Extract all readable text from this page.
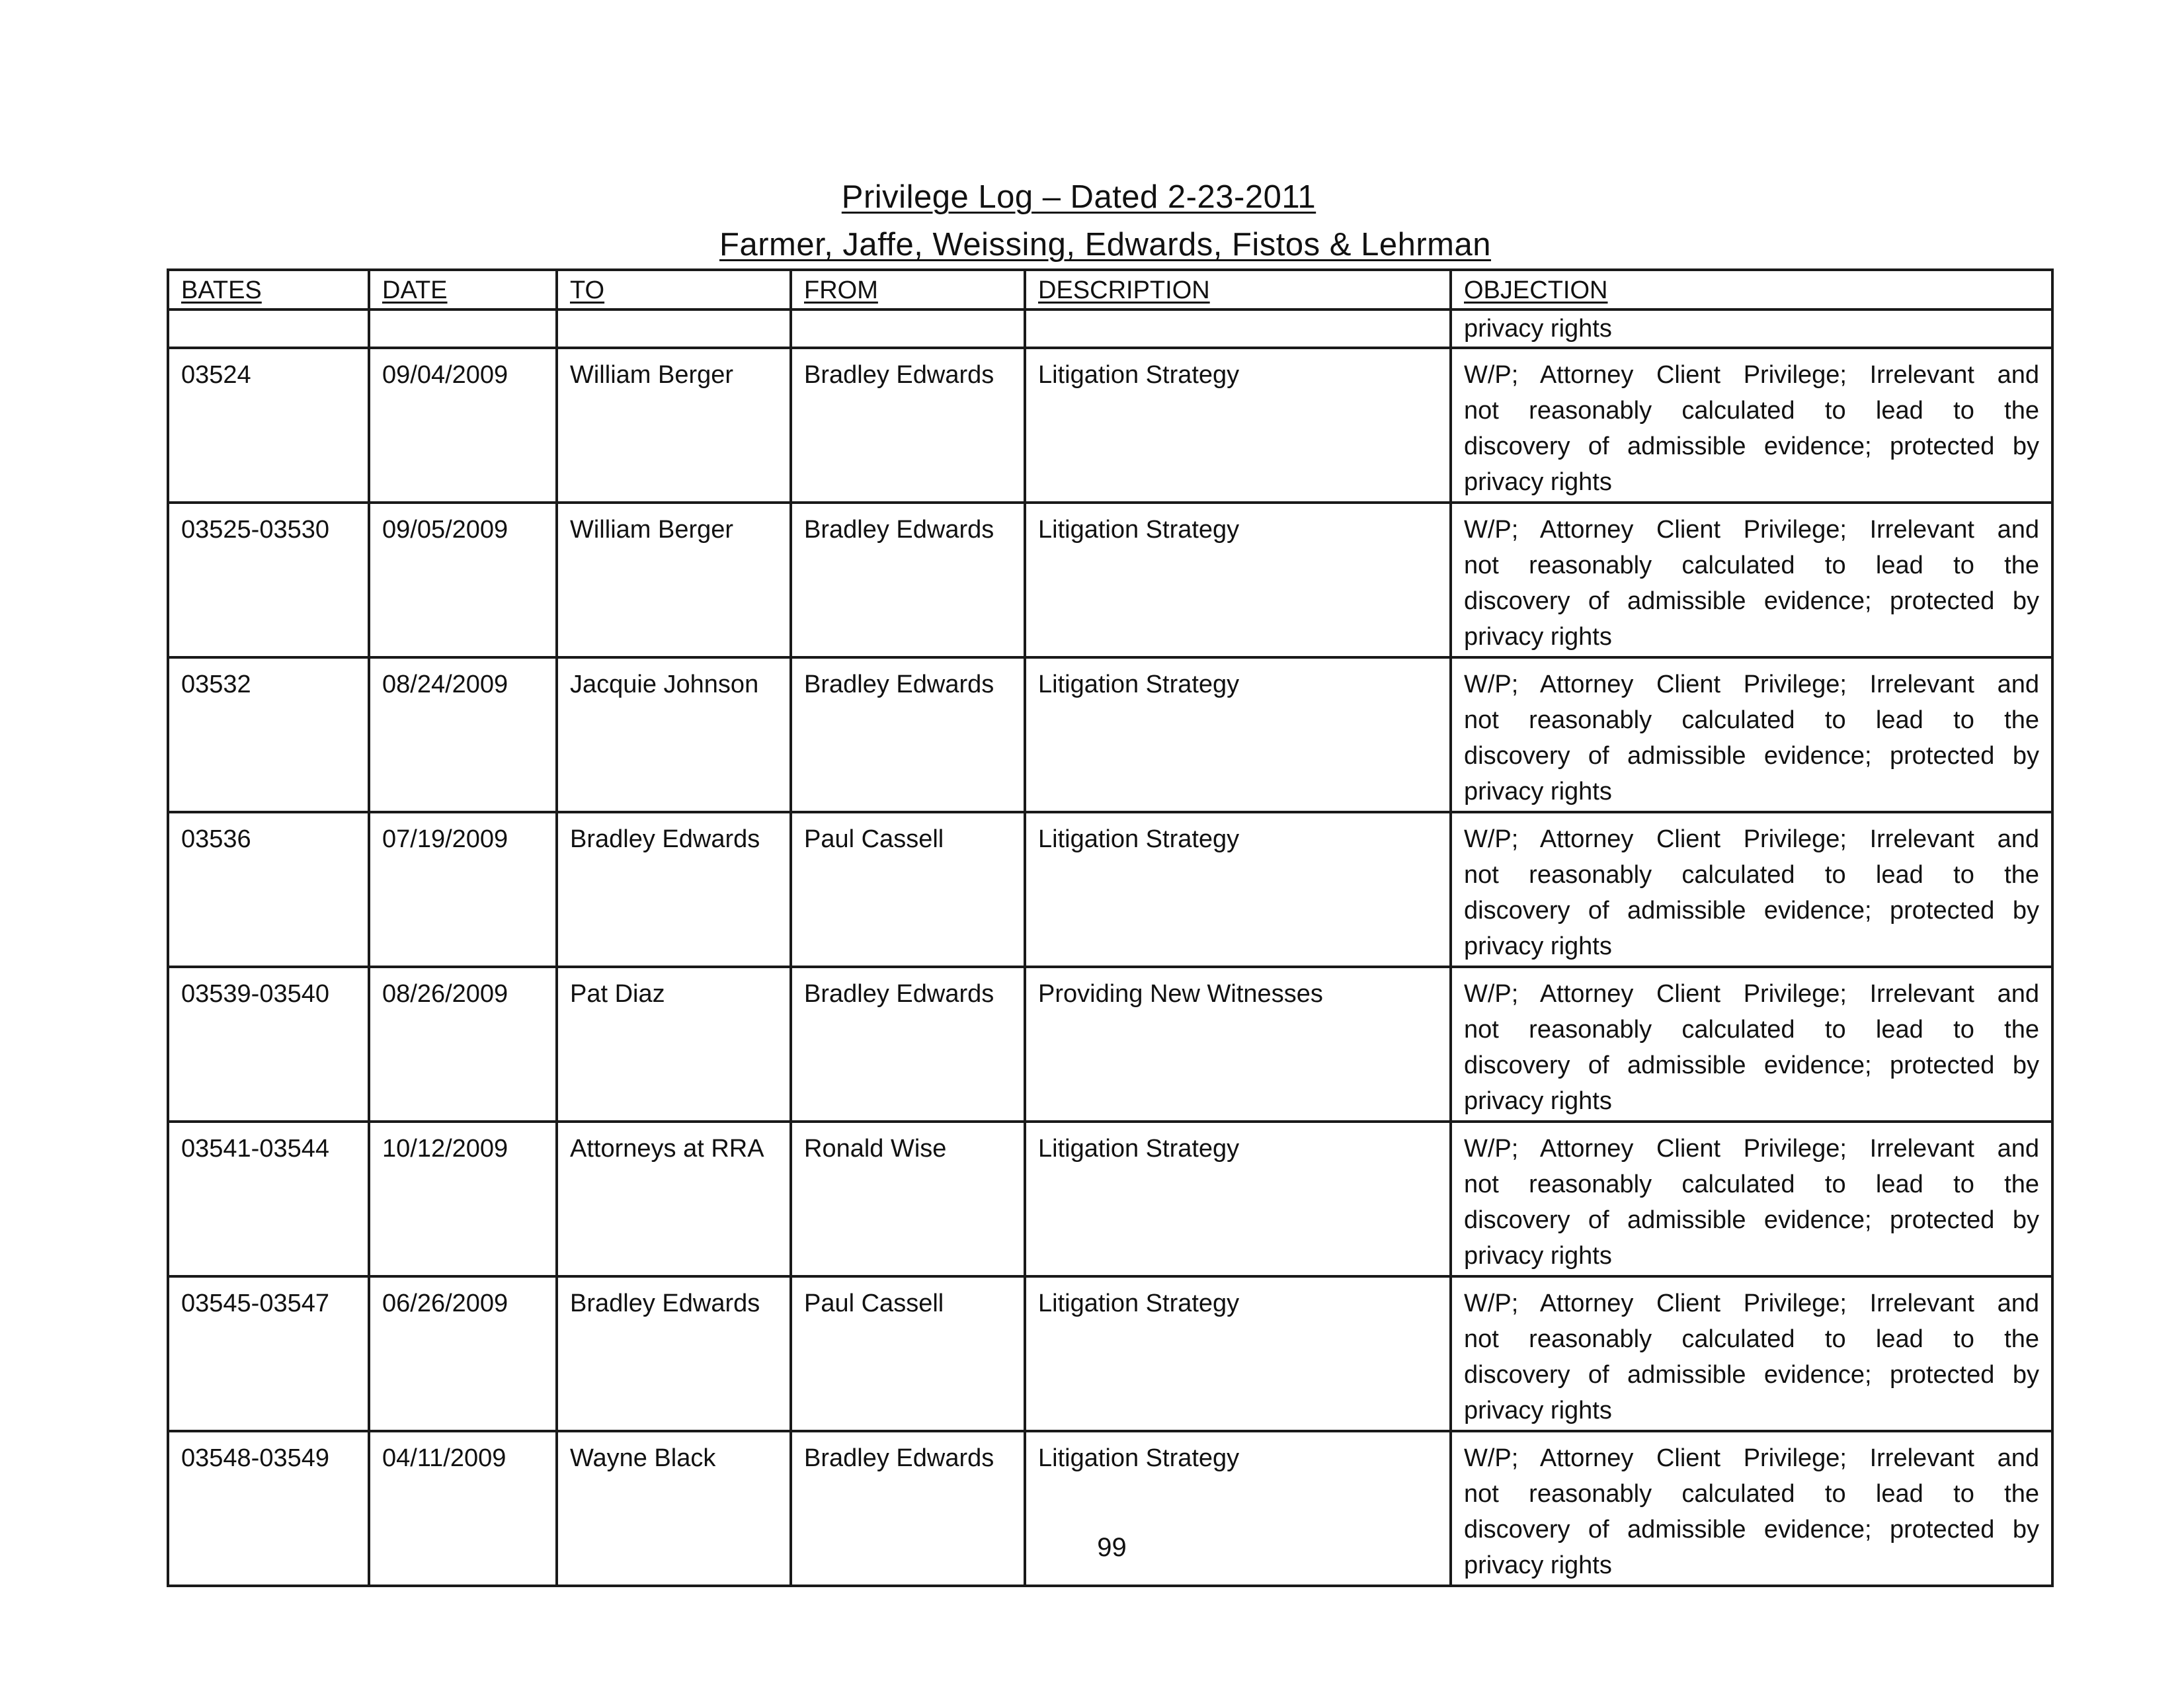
Privilege Log – Dated 2-23-2011
Farmer, Jaffe, Weissing, Edwards, Fistos & Lehrman
BATES	DATE	TO	FROM	DESCRIPTION	OBJECTION
					privacy rights
03524	09/04/2009	William Berger	Bradley Edwards	Litigation Strategy	W/P; Attorney Client Privilege; Irrelevant and
not reasonably calculated to lead to the
discovery of admissible evidence; protected by
privacy rights

03525-03530	09/05/2009	William Berger	Bradley Edwards	Litigation Strategy	W/P; Attorney Client Privilege; Irrelevant and
not reasonably calculated to lead to the
discovery of admissible evidence; protected by
privacy rights

03532	08/24/2009	Jacquie Johnson	Bradley Edwards	Litigation Strategy	W/P; Attorney Client Privilege; Irrelevant and
not reasonably calculated to lead to the
discovery of admissible evidence; protected by
privacy rights

03536	07/19/2009	Bradley Edwards	Paul Cassell	Litigation Strategy	W/P; Attorney Client Privilege; Irrelevant and
not reasonably calculated to lead to the
discovery of admissible evidence; protected by
privacy rights

03539-03540	08/26/2009	Pat Diaz	Bradley Edwards	Providing New Witnesses	W/P; Attorney Client Privilege; Irrelevant and
not reasonably calculated to lead to the
discovery of admissible evidence; protected by
privacy rights

03541-03544	10/12/2009	Attorneys at RRA	Ronald Wise	Litigation Strategy	W/P; Attorney Client Privilege; Irrelevant and
not reasonably calculated to lead to the
discovery of admissible evidence; protected by
privacy rights

03545-03547	06/26/2009	Bradley Edwards	Paul Cassell	Litigation Strategy	W/P; Attorney Client Privilege; Irrelevant and
not reasonably calculated to lead to the
discovery of admissible evidence; protected by
privacy rights

03548-03549	04/11/2009	Wayne Black	Bradley Edwards	Litigation Strategy	W/P; Attorney Client Privilege; Irrelevant and
not reasonably calculated to lead to the
discovery of admissible evidence; protected by
privacy rights
99
